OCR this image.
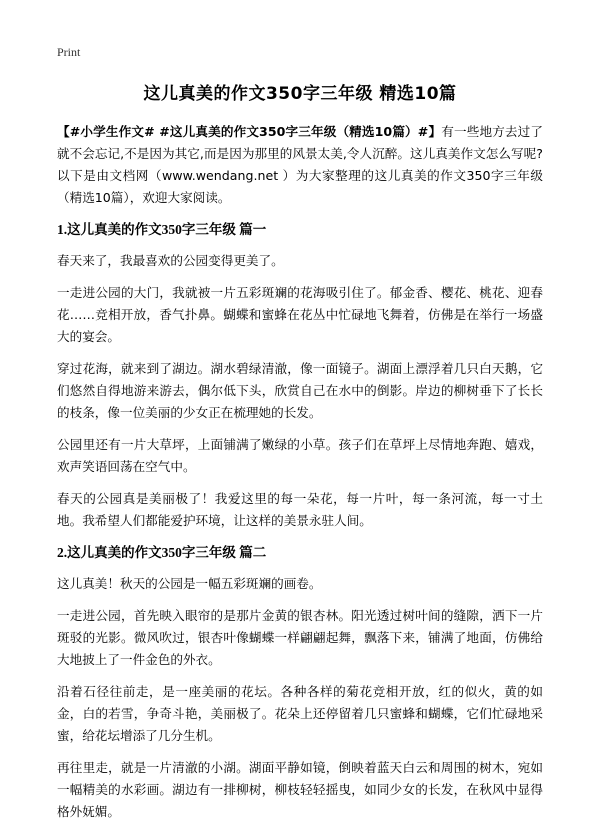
Print
这儿真美的作文350字三年级 精选10篇

【#小学生作文# #这儿真美的作文350字三年级（精选10篇）#】有一些地方去过了就不会忘记,不是因为其它,而是因为那里的风景太美,令人沉醉。这儿真美作文怎么写呢?以下是由文档网（www.wendang.net ）为大家整理的这儿真美的作文350字三年级（精选10篇），欢迎大家阅读。

1.这儿真美的作文350字三年级 篇一

春天来了，我最喜欢的公园变得更美了。

一走进公园的大门，我就被一片五彩斑斓的花海吸引住了。郁金香、樱花、桃花、迎春花……竞相开放，香气扑鼻。蝴蝶和蜜蜂在花丛中忙碌地飞舞着，仿佛是在举行一场盛大的宴会。

穿过花海，就来到了湖边。湖水碧绿清澈，像一面镜子。湖面上漂浮着几只白天鹅，它们悠然自得地游来游去，偶尔低下头，欣赏自己在水中的倒影。岸边的柳树垂下了长长的枝条，像一位美丽的少女正在梳理她的长发。

公园里还有一片大草坪，上面铺满了嫩绿的小草。孩子们在草坪上尽情地奔跑、嬉戏，欢声笑语回荡在空气中。

春天的公园真是美丽极了！我爱这里的每一朵花，每一片叶，每一条河流，每一寸土地。我希望人们都能爱护环境，让这样的美景永驻人间。

2.这儿真美的作文350字三年级 篇二

这儿真美！秋天的公园是一幅五彩斑斓的画卷。

一走进公园，首先映入眼帘的是那片金黄的银杏林。阳光透过树叶间的缝隙，洒下一片斑驳的光影。微风吹过，银杏叶像蝴蝶一样翩翩起舞，飘落下来，铺满了地面，仿佛给大地披上了一件金色的外衣。

沿着石径往前走，是一座美丽的花坛。各种各样的菊花竞相开放，红的似火，黄的如金，白的若雪，争奇斗艳，美丽极了。花朵上还停留着几只蜜蜂和蝴蝶，它们忙碌地采蜜，给花坛增添了几分生机。

再往里走，就是一片清澈的小湖。湖面平静如镜，倒映着蓝天白云和周围的树木，宛如一幅精美的水彩画。湖边有一排柳树，柳枝轻轻摇曳，如同少女的长发，在秋风中显得格外妩媚。
